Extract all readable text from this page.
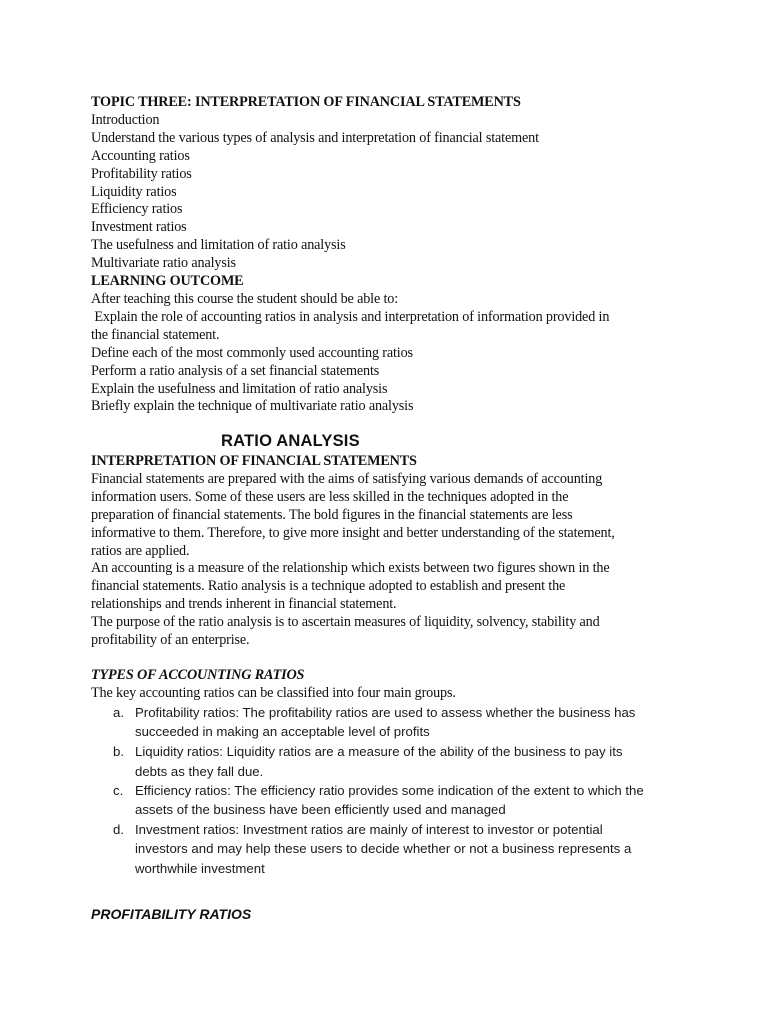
TOPIC THREE: INTERPRETATION OF FINANCIAL STATEMENTS
Introduction
Understand the various types of analysis and interpretation of financial statement
Accounting ratios
Profitability ratios
Liquidity ratios
Efficiency ratios
Investment ratios
The usefulness and limitation of ratio analysis
Multivariate ratio analysis
LEARNING OUTCOME
After teaching this course the student should be able to:
Explain the role of accounting ratios in analysis and interpretation of information provided in
the financial statement.
Define each of the most commonly used accounting ratios
Perform a ratio analysis of a set financial statements
Explain the usefulness and limitation of ratio analysis
Briefly explain the technique of multivariate ratio analysis
RATIO ANALYSIS
INTERPRETATION OF FINANCIAL STATEMENTS
Financial statements are prepared with the aims of satisfying various demands of accounting
information users. Some of these users are less skilled in the techniques adopted in the
preparation of financial statements. The bold figures in the financial statements are less
informative to them. Therefore, to give more insight and better understanding of the statement,
ratios are applied.
An accounting is a measure of the relationship which exists between two figures shown in the
financial statements. Ratio analysis is a technique adopted to establish and present the
relationships and trends inherent in financial statement.
The purpose of the ratio analysis is to ascertain measures of liquidity, solvency, stability and
profitability of an enterprise.
TYPES OF ACCOUNTING RATIOS
The key accounting ratios can be classified into four main groups.
a. Profitability ratios: The profitability ratios are used to assess whether the business has
succeeded in making an acceptable level of profits
b. Liquidity ratios: Liquidity ratios are a measure of the ability of the business to pay its
debts as they fall due.
c. Efficiency ratios: The efficiency ratio provides some indication of the extent to which the
assets of the business have been efficiently used and managed
d. Investment ratios: Investment ratios are mainly of interest to investor or potential
investors and may help these users to decide whether or not a business represents a
worthwhile investment
PROFITABILITY RATIOS
